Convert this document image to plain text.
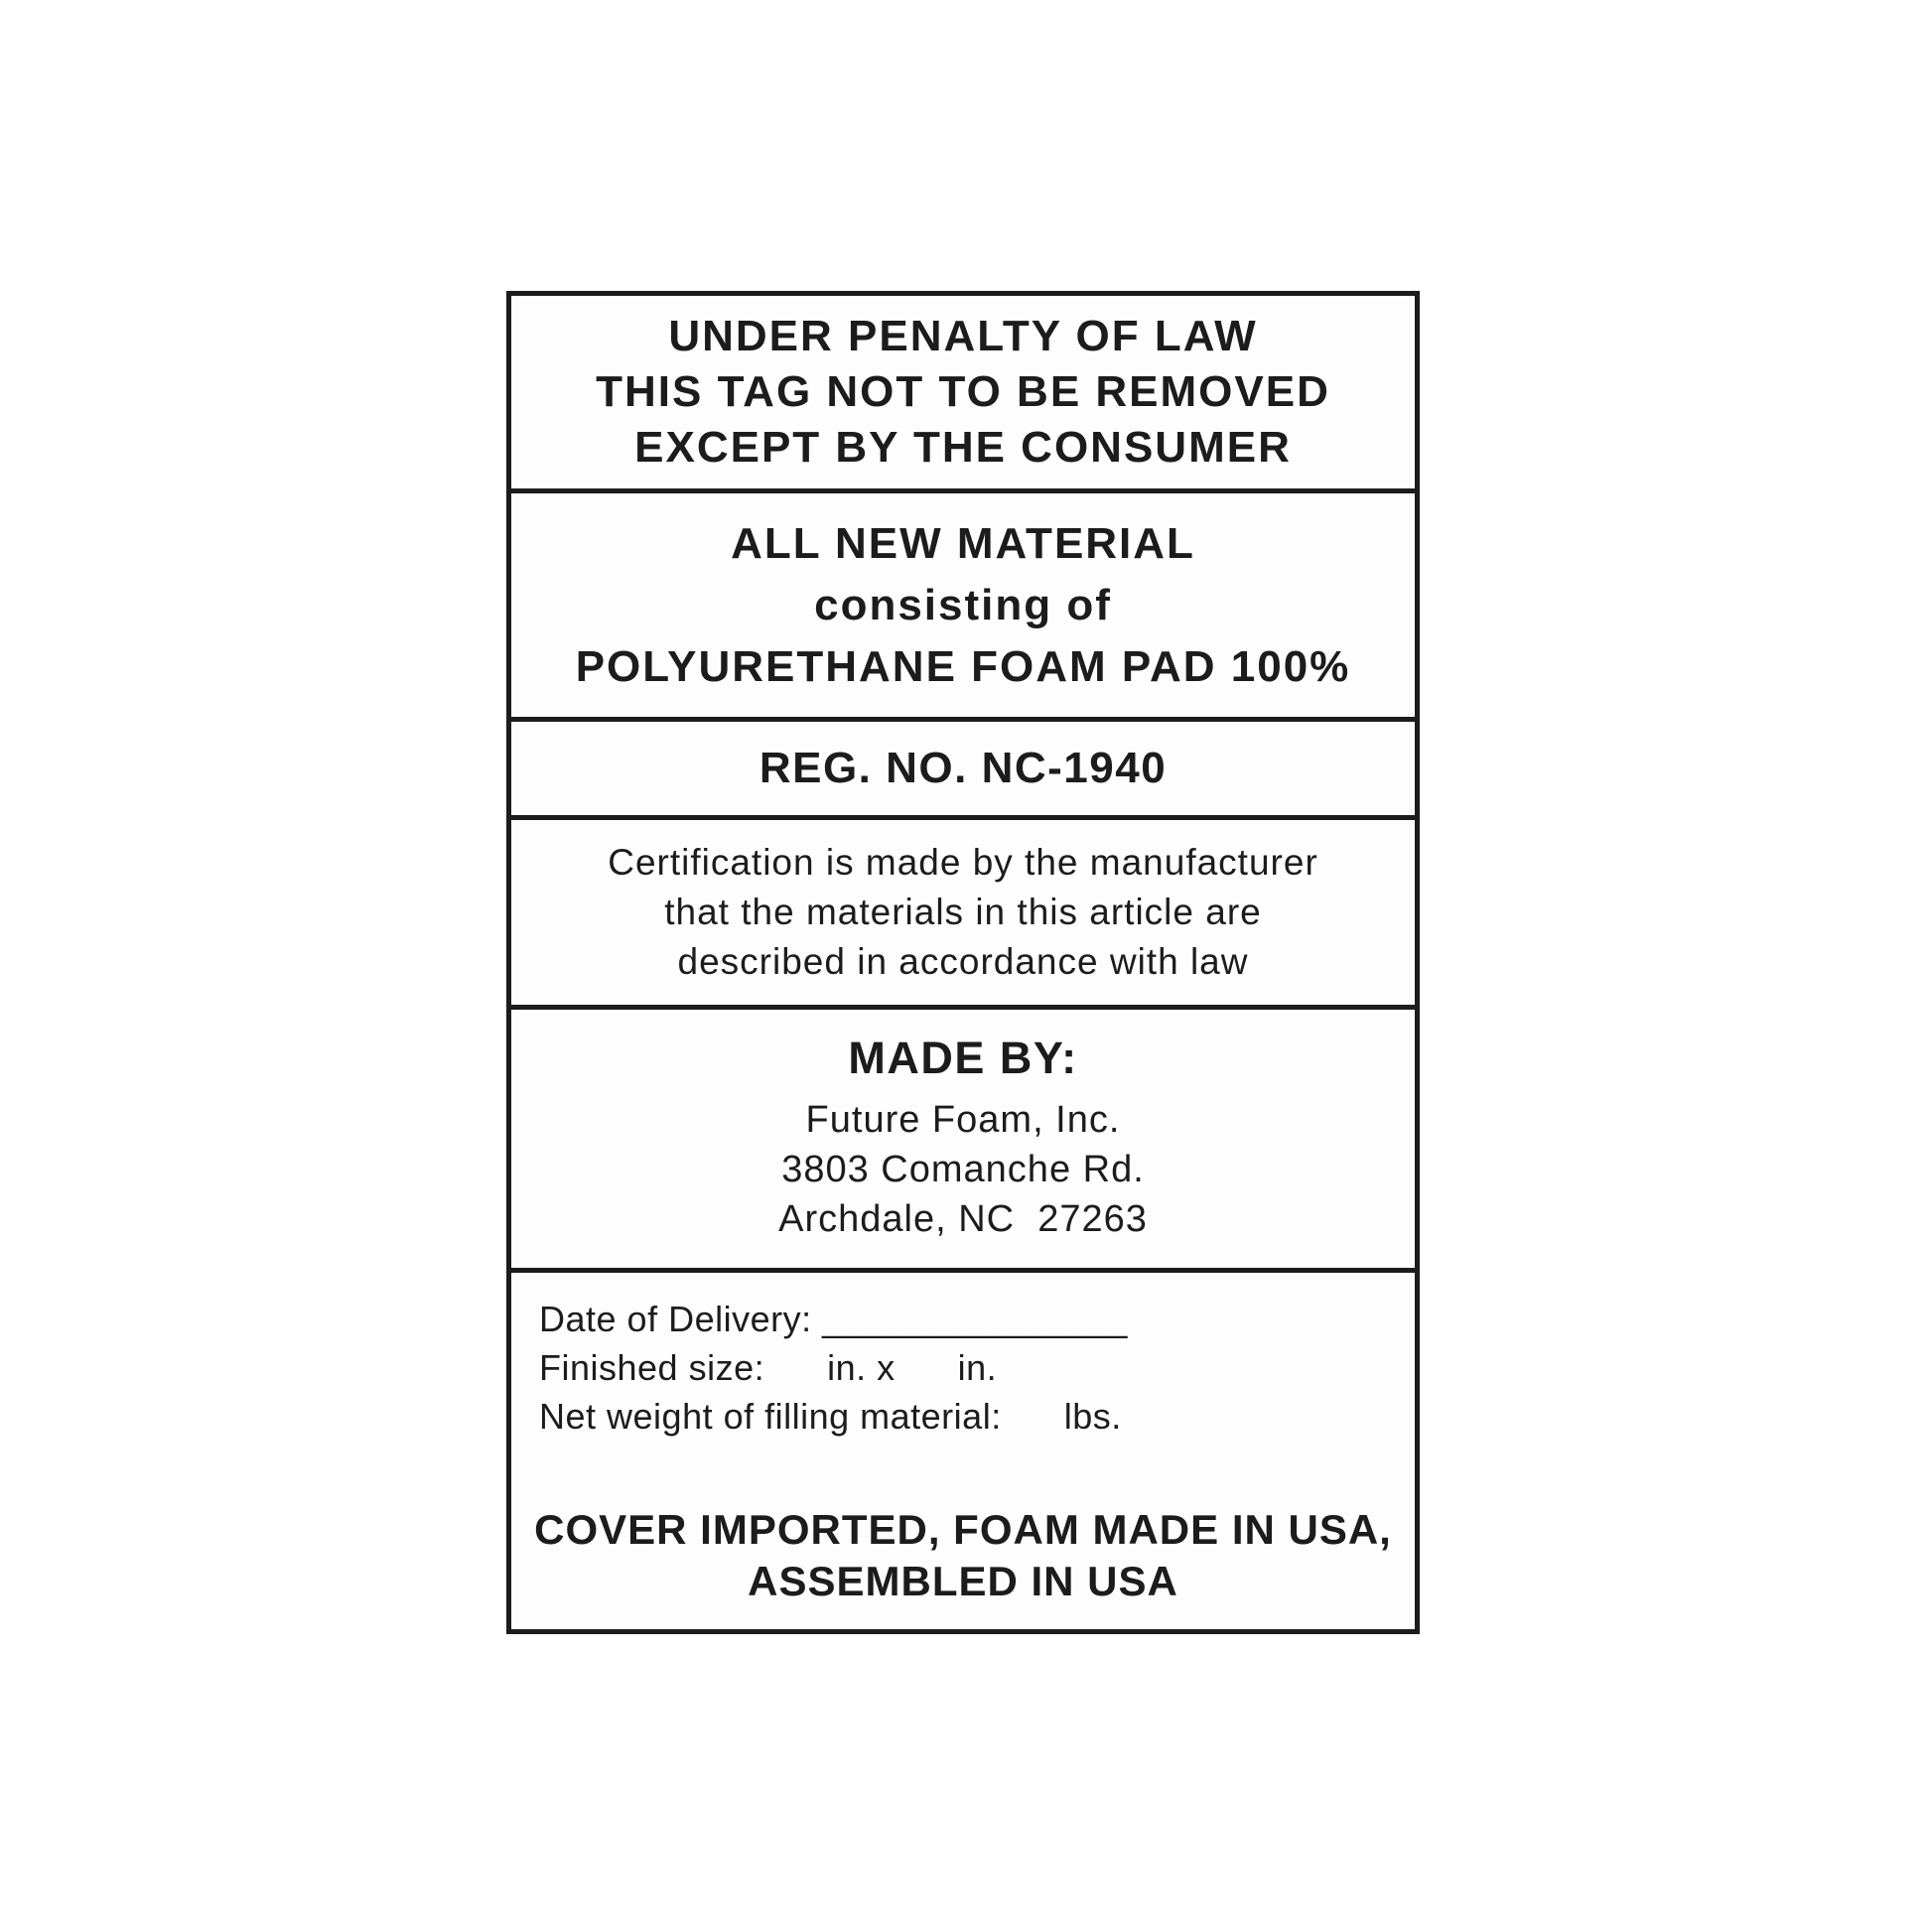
UNDER PENALTY OF LAW
THIS TAG NOT TO BE REMOVED
EXCEPT BY THE CONSUMER
ALL NEW MATERIAL
consisting of
POLYURETHANE FOAM PAD 100%
REG. NO. NC-1940
Certification is made by the manufacturer
that the materials in this article are
described in accordance with law
MADE BY:
Future Foam, Inc.
3803 Comanche Rd.
Archdale, NC  27263
Date of Delivery: _______________
Finished size:      in. x      in.
Net weight of filling material:      lbs.
COVER IMPORTED, FOAM MADE IN USA,
ASSEMBLED IN USA
